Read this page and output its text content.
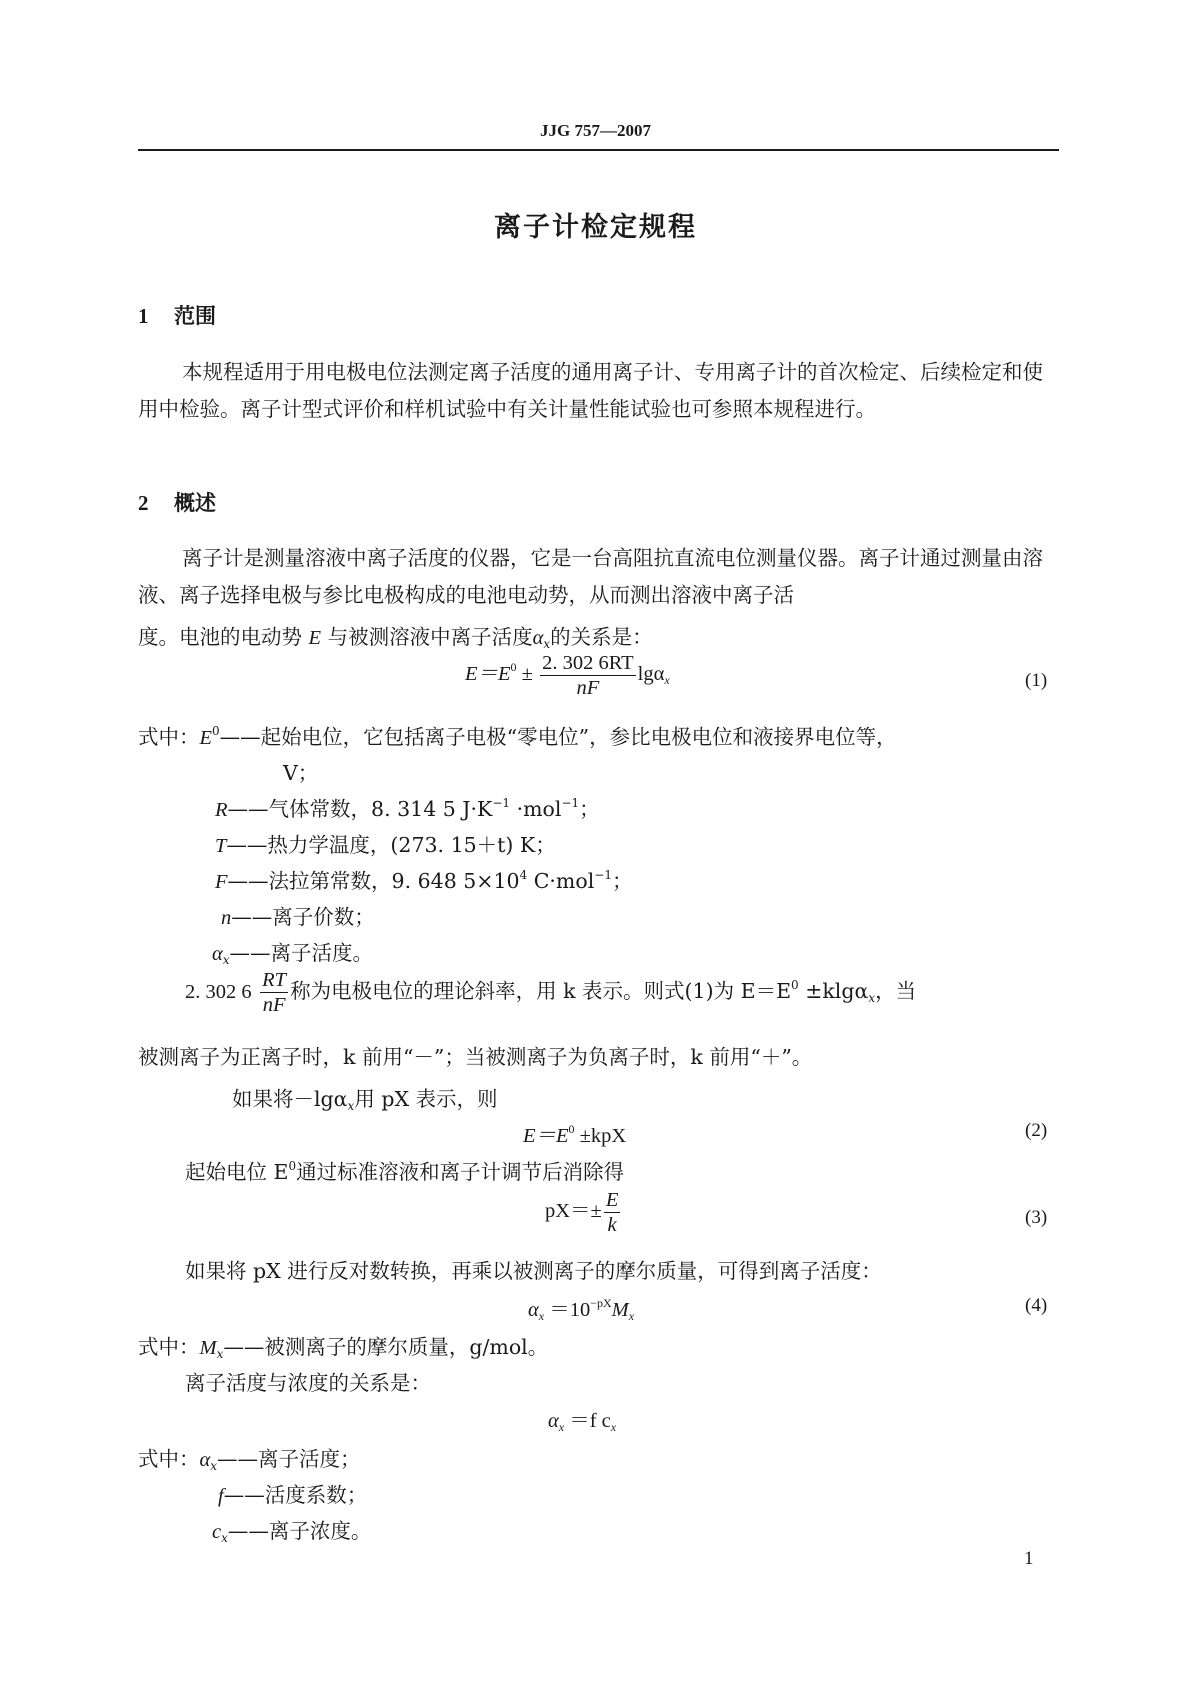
JJG 757—2007
离子计检定规程
1 范围
本规程适用于用电极电位法测定离子活度的通用离子计、专用离子计的首次检定、后续检定和使用中检验。离子计型式评价和样机试验中有关计量性能试验也可参照本规程进行。
2 概述
离子计是测量溶液中离子活度的仪器，它是一台高阻抗直流电位测量仪器。离子计通过测量由溶液、离子选择电极与参比电极构成的电池电动势，从而测出溶液中离子活
度。电池的电动势 E 与被测溶液中离子活度$\alpha_x$的关系是：
$E=E^0 \pm \frac{2. 302 6RT}{nF} \lg\alpha_x$	(1)
式中：$E^0——$起始电位，它包括离子电极“零电位”，参比电极电位和液接界电位等，
V；
R——气体常数，8. 314 5 $J\cdot K^{-1} \cdot mol^{-1}$；
T——热力学温度，(273. 15＋t) K；
F——法拉第常数，9. 648 $5\times 10^4$ C·mol$^{-1}$；
n——离子价数；
$\alpha_x——$离子活度。
2. 302 $6 \frac{RT}{nF}$ 称为电极电位的理论斜率，用 k 表示。则式(1)为 $E=E^0 \pm klg\alpha_x$，当
被测离子为正离子时，k 前用“－”；当被测离子为负离子时，k 前用“＋”。
如果将－lgα$_x$用 pX 表示，则
$E=E^0 \pm kpX$	(2)
起始电位 $E^0$通过标准溶液和离子计调节后消除得
$pX=\pm \frac{E}{k}$	(3)
如果将 pX 进行反对数转换，再乘以被测离子的摩尔质量，可得到离子活度：
$\alpha_x =10^{-pX}M_x$	(4)
式中：$M_x——$被测离子的摩尔质量，g/mol。
离子活度与浓度的关系是：
$\alpha_x =f$ $c_x$
式中：$\alpha_x——$离子活度；
f——活度系数；
$c_x——$离子浓度。
1
